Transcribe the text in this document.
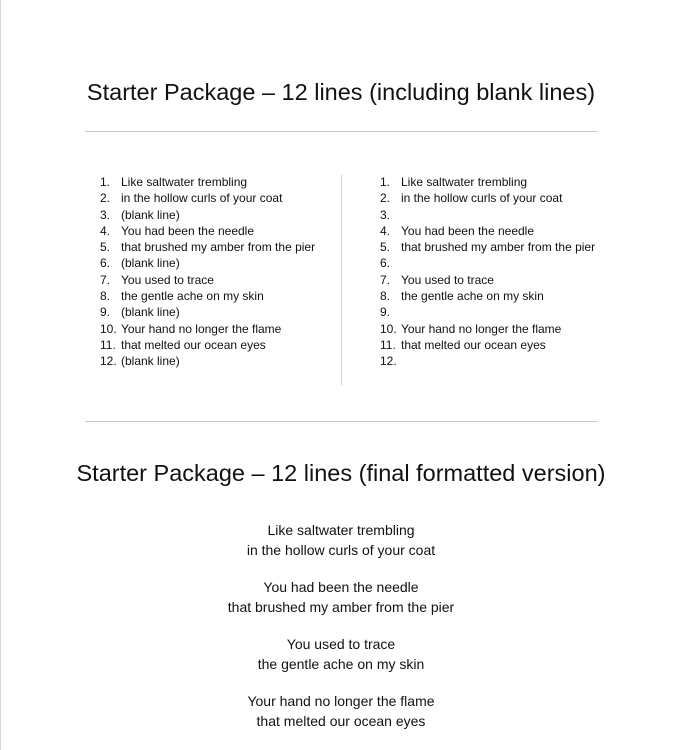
Starter Package – 12 lines (including blank lines)
1. Like saltwater trembling
2. in the hollow curls of your coat
3. (blank line)
4. You had been the needle
5. that brushed my amber from the pier
6. (blank line)
7. You used to trace
8. the gentle ache on my skin
9. (blank line)
10. Your hand no longer the flame
11. that melted our ocean eyes
12. (blank line)
1. Like saltwater trembling
2. in the hollow curls of your coat
3.
4. You had been the needle
5. that brushed my amber from the pier
6.
7. You used to trace
8. the gentle ache on my skin
9.
10. Your hand no longer the flame
11. that melted our ocean eyes
12.
Starter Package – 12 lines (final formatted version)

Like saltwater trembling

in the hollow curls of your coat

You had been the needle

that brushed my amber from the pier

You used to trace

the gentle ache on my skin

Your hand no longer the flame

that melted our ocean eyes
